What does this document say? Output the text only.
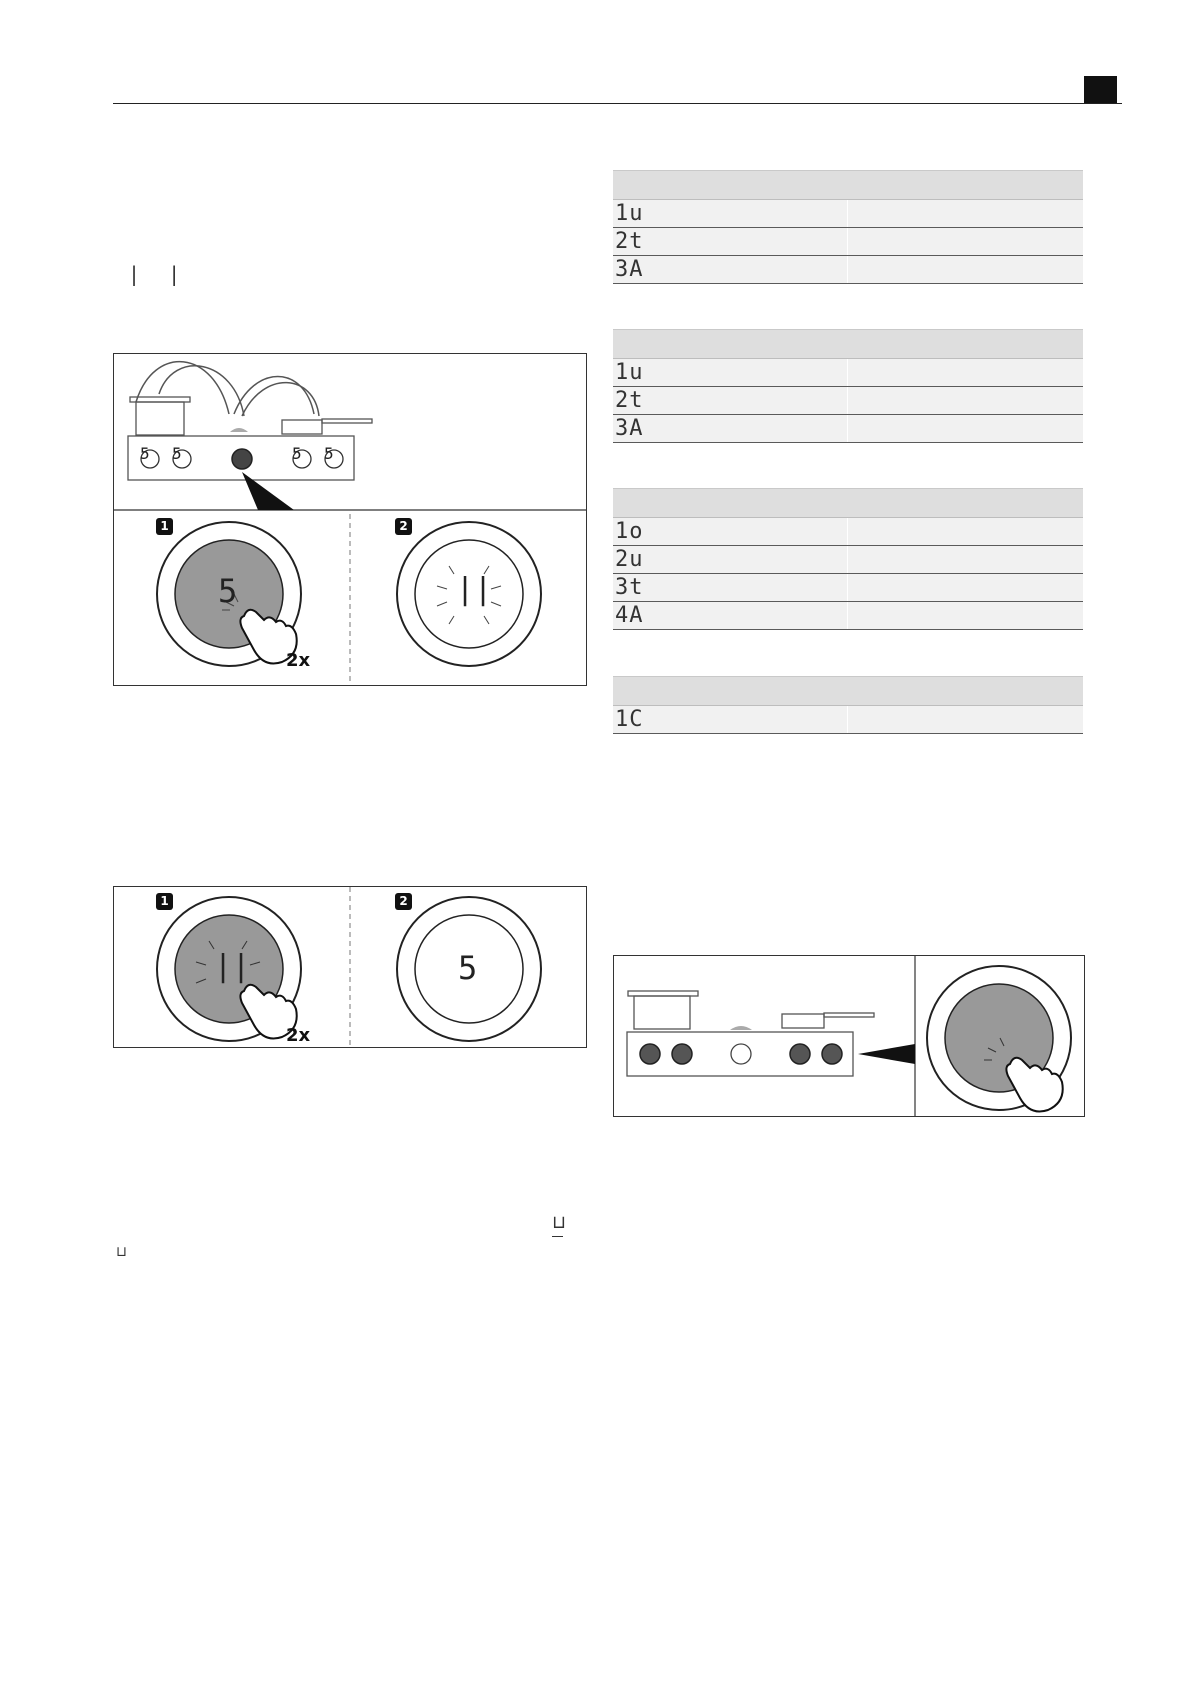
| |
1	2
5 5	5 5
5	||
2x
1	2
||	5
2x
⊔
⊔
1u
2t
3A
1u
2t
3A
1o
2u
3t
4A
1C
